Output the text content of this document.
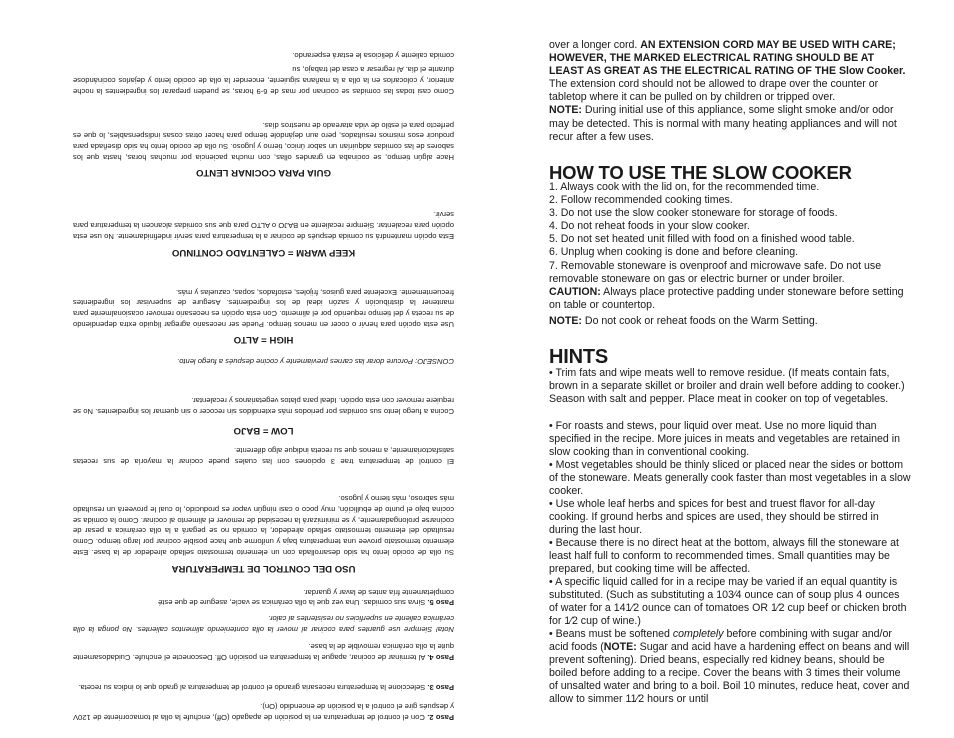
Paso 2. Con el control de temperatura en la posición de apagado (Off), enchufe la olla al tomacorriente de 120V y después gire el control a la posición de encendido (On).

Paso 3. Seleccione la temperatura necesaria girando el control de temperatura al grado que lo indica su receta.

Paso 4. Al terminar de cocinar, apague la temperatura en posición Off. Desconecte el enchufe. Cuidadosamente quite la olla cerámica removible de la base.

Nota! Siempre use guantes para cocinar al mover la olla conteniendo alimentos calientes. No ponga la olla cerámica caliente en superficies no resistentes al calor.

Paso 5. Sirva sus comidas. Una vez que la olla cerámica se vacíe, asegure de que esté

completamente fría antes de lavar y guardar.

USO DEL CONTROL DE TEMPERATURA

Su olla de cocido lento ha sido desarrollada con un elemento termostato sellado alrededor de la base. Este elemento termostato provee una temperatura baja y uniforme que hace posible cocinar por largo tiempo. Como resultado del elemento termostato sellado alrededor, la comida no se pegará a la olla cerámica a pesar de cocinarse prolongadamente, y se minimizará la necesidad de remover el alimento al cocinar. Como la comida se cocina bajo el punto de ebullición, muy poco o casi ningún vapor es producido, lo cual le proveerá un resultado más sabroso, más tierno y jugoso.

El control de temperatura trae 3 opciones con las cuales puede cocinar la mayoría de sus recetas satisfactoriamente, a menos que su receta indique algo diferente.

LOW = BAJO

Cocina a fuego lento sus comidas por periodos más extendidos sin recocer o sin quemar los ingredientes. No se requiere remover con esta opción. Ideal para platos vegetarianos y recalentar.

CONSEJO: Porcure dorar las carnes previamente y cocine después a fuego lento.

HIGH = ALTO

Use esta opción para hervir o cocer en menos tiempo. Puede ser necesario agregar líquido extra dependiendo de su receta y del tiempo requerido por el alimento. Con esta opción es necesario remover ocasionalmente para mantener la distribución y sazón ideal de los ingredientes. Asegure de supervisar los ingredientes frecuentemente. Excelente para guisos, frijoles, estofados, sopas, cazuelas y más.

KEEP WARM = CALENTADO CONTINUO

Esta opción mantendrá su comida después de cocinar a la temperatura para servir indefinidamente. No use esta opción para recalentar. Siempre recaliente en BAJO o ALTO para que sus comidas alcancen la temperatura para servir.

GUIA PARA COCINAR LENTO

Hace algún tiempo, se cocinaba en grandes ollas, con mucha paciencia por muchas horas, hasta que los sabores de las comidas adquirían un sabor único, tierno y jugoso. Su olla de cocido lento ha sido diseñada para producir esos mismos resultados, pero aun dejándole tiempo para hacer otras cosas indispensables, lo que es perfecto para el estilo de vida atareado de nuestros días.

Como casi todas las comidas se cocinan por mas de 6-9 horas, se pueden preparar los ingredientes la noche anterior, y colocarlos en la olla a la mañana siguiente, encender la olla de cocido lento y dejarlos cocinándose durante el día. Al regresar a casa del trabajo, su

comida caliente y deliciosa le estará esperando.

over a longer cord. AN EXTENSION CORD MAY BE USED WITH CARE; HOWEVER, THE MARKED ELECTRICAL RATING SHOULD BE AT LEAST AS GREAT AS THE ELECTRICAL RATING OF THE Slow Cooker. The extension cord should not be allowed to drape over the counter or tabletop where it can be pulled on by children or tripped over.
NOTE: During initial use of this appliance, some slight smoke and/or odor may be detected. This is normal with many heating appliances and will not recur after a few uses.

HOW TO USE THE SLOW COOKER
1. Always cook with the lid on, for the recommended time.
2. Follow recommended cooking times.
3. Do not use the slow cooker stoneware for storage of foods.
4. Do not reheat foods in your slow cooker.
5. Do not set heated unit filled with food on a finished wood table.
6. Unplug when cooking is done and before cleaning.
7. Removable stoneware is ovenproof and microwave safe. Do not use removable stoneware on gas or electric burner or under broiler.
CAUTION: Always place protective padding under stoneware before setting on table or countertop.

NOTE: Do not cook or reheat foods on the Warm Setting.

HINTS

• Trim fats and wipe meats well to remove residue. (If meats contain fats, brown in a separate skillet or broiler and drain well before adding to cooker.) Season with salt and pepper. Place meat in cooker on top of vegetables.

• For roasts and stews, pour liquid over meat. Use no more liquid than specified in the recipe. More juices in meats and vegetables are retained in slow cooking than in conventional cooking.

• Most vegetables should be thinly sliced or placed near the sides or bottom of the stoneware. Meats generally cook faster than most vegetables in a slow cooker.

• Use whole leaf herbs and spices for best and truest flavor for all-day cooking. If ground herbs and spices are used, they should be stirred in during the last hour.

• Because there is no direct heat at the bottom, always fill the stoneware at least half full to conform to recommended times. Small quantities may be prepared, but cooking time will be affected.

• A specific liquid called for in a recipe may be varied if an equal quantity is substituted. (Such as substituting a 103⁄4 ounce can of soup plus 4 ounces of water for a 141⁄2 ounce can of tomatoes OR 1⁄2 cup beef or chicken broth for 1⁄2 cup of wine.)

• Beans must be softened completely before combining with sugar and/or acid foods (NOTE: Sugar and acid have a hardening effect on beans and will prevent softening). Dried beans, especially red kidney beans, should be boiled before adding to a recipe. Cover the beans with 3 times their volume of unsalted water and bring to a boil. Boil 10 minutes, reduce heat, cover and allow to simmer 11⁄2 hours or until
